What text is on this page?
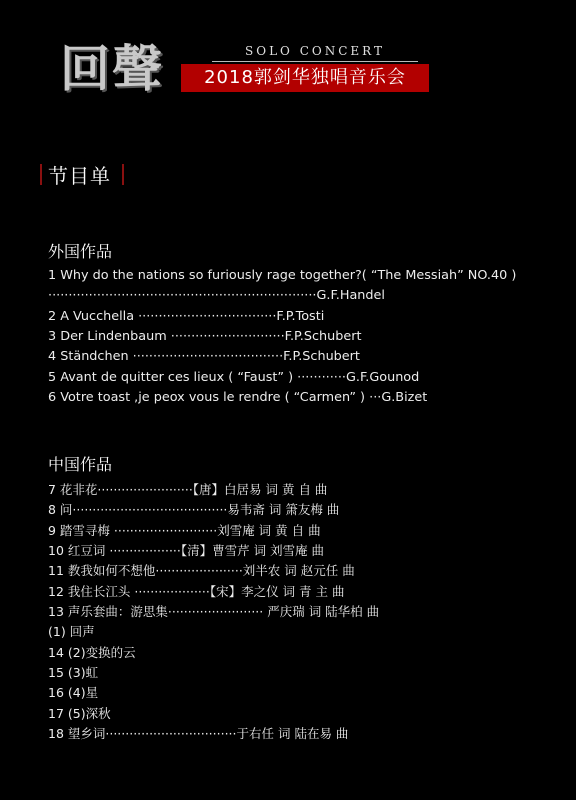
回聲	SOLO CONCERT
2018郭剑华独唱音乐会
节目单
外国作品
1 Why do the nations so furiously rage together?( “The Messiah” NO.40 )
··································································G.F.Handel
2 A Vucchella ··································F.P.Tosti
3 Der Lindenbaum ····························F.P.Schubert
4 Ständchen ·····································F.P.Schubert
5 Avant de quitter ces lieux ( “Faust” ) ············G.F.Gounod
6 Votre toast ,je peox vous le rendre ( “Carmen” ) ···G.Bizet
中国作品
7 花非花························【唐】白居易 词 黄 自 曲
8 问·······································易韦斋 词 箫友梅 曲
9 踏雪寻梅 ··························刘雪庵 词 黄 自 曲
10 红豆词 ··················【清】曹雪芹 词 刘雪庵 曲
11 教我如何不想他······················刘半农 词 赵元任 曲
12 我住长江头 ···················【宋】李之仪 词 青 主 曲
13 声乐套曲：游思集························ 严庆瑞 词 陆华柏 曲
(1) 回声
14 (2)变换的云
15 (3)虹
16 (4)星
17 (5)深秋
18 望乡词·································于右任 词 陆在易 曲
